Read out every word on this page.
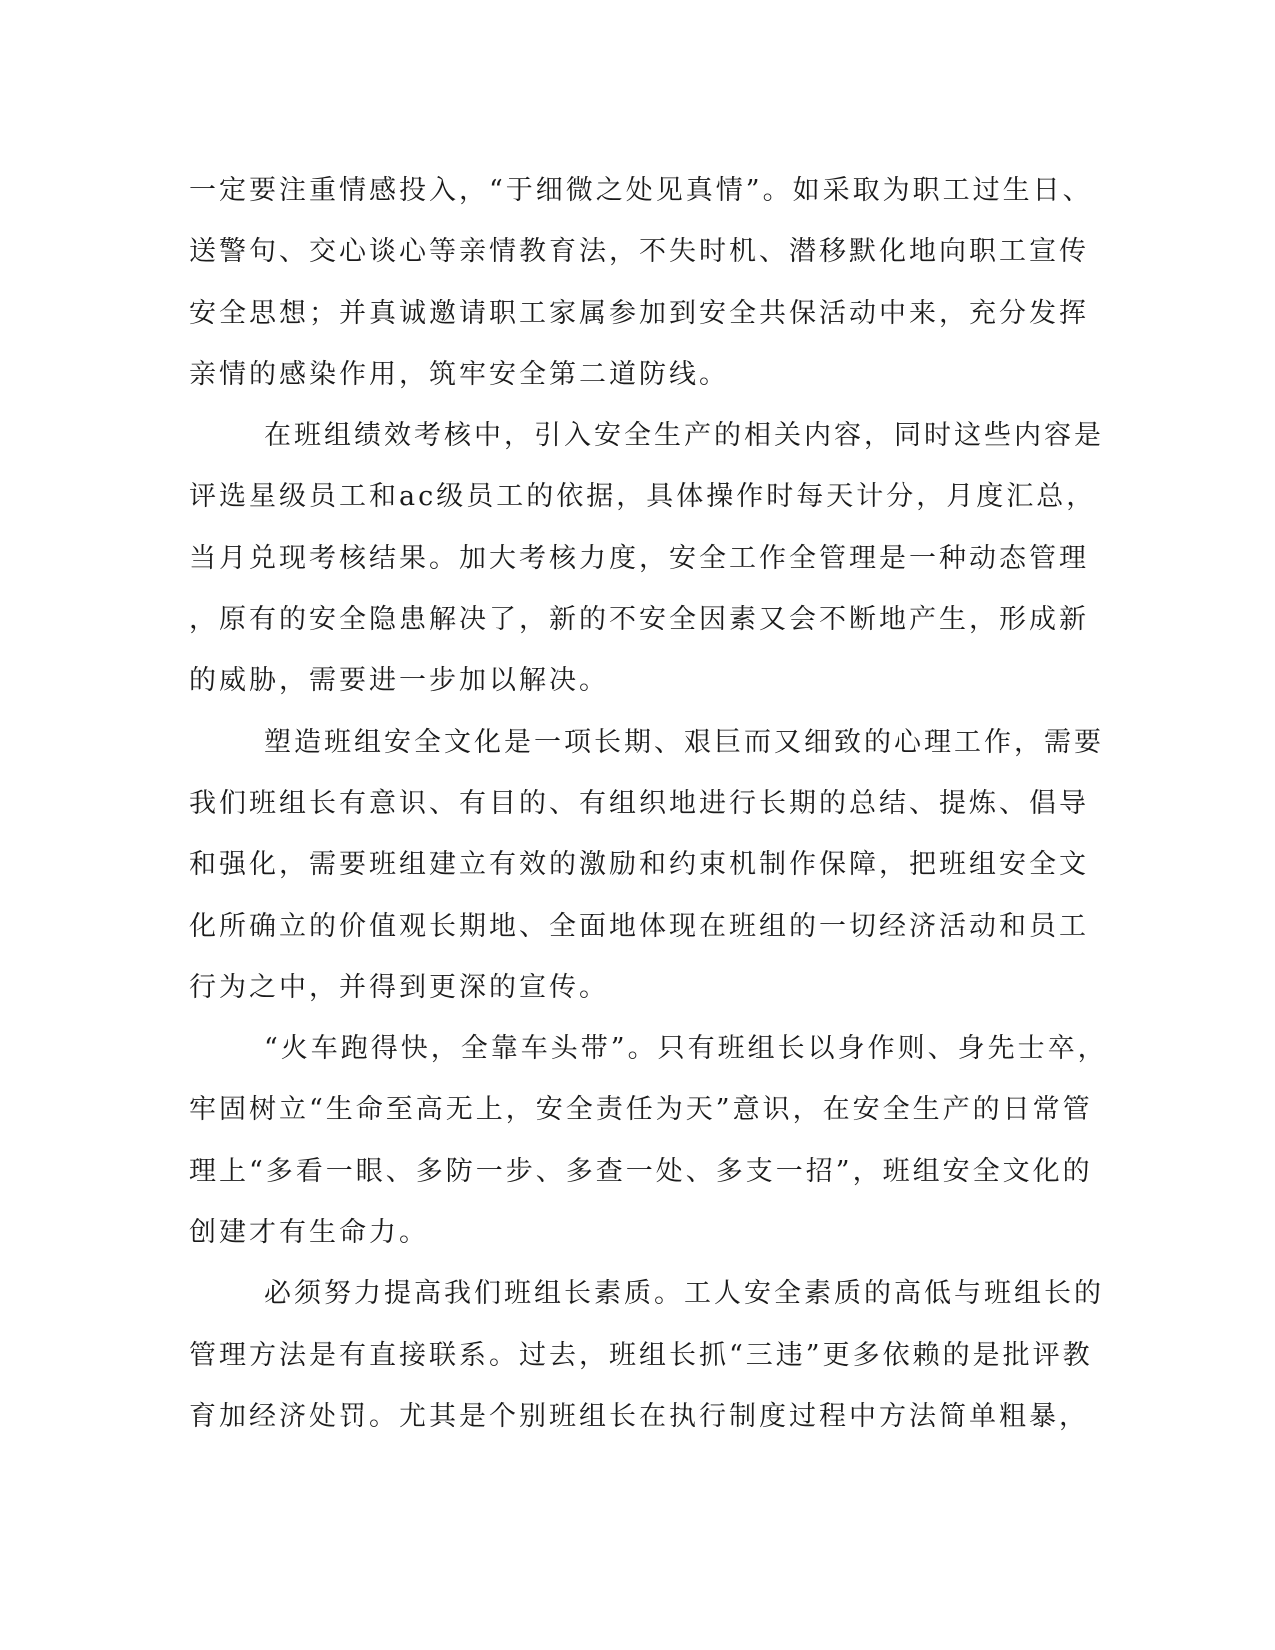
一定要注重情感投入，“于细微之处见真情”。如采取为职工过生日、
送警句、交心谈心等亲情教育法，不失时机、潜移默化地向职工宣传
安全思想；并真诚邀请职工家属参加到安全共保活动中来，充分发挥
亲情的感染作用，筑牢安全第二道防线。
在班组绩效考核中，引入安全生产的相关内容，同时这些内容是
评选星级员工和ac级员工的依据，具体操作时每天计分，月度汇总，
当月兑现考核结果。加大考核力度，安全工作全管理是一种动态管理
，原有的安全隐患解决了，新的不安全因素又会不断地产生，形成新
的威胁，需要进一步加以解决。
塑造班组安全文化是一项长期、艰巨而又细致的心理工作，需要
我们班组长有意识、有目的、有组织地进行长期的总结、提炼、倡导
和强化，需要班组建立有效的激励和约束机制作保障，把班组安全文
化所确立的价值观长期地、全面地体现在班组的一切经济活动和员工
行为之中，并得到更深的宣传。
“火车跑得快，全靠车头带”。只有班组长以身作则、身先士卒，
牢固树立“生命至高无上，安全责任为天”意识，在安全生产的日常管
理上“多看一眼、多防一步、多查一处、多支一招”，班组安全文化的
创建才有生命力。
必须努力提高我们班组长素质。工人安全素质的高低与班组长的
管理方法是有直接联系。过去，班组长抓“三违”更多依赖的是批评教
育加经济处罚。尤其是个别班组长在执行制度过程中方法简单粗暴，
